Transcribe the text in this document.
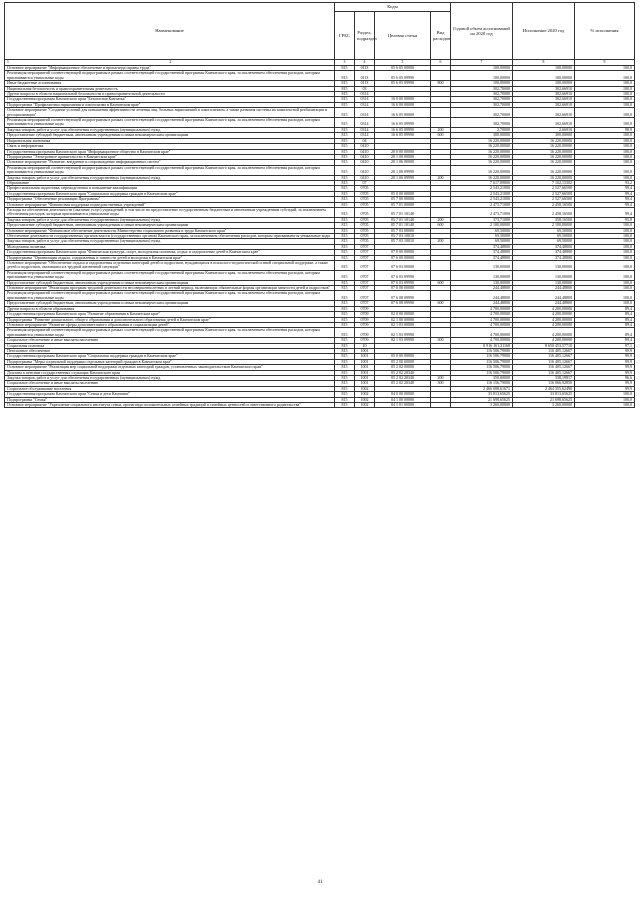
Наименование	Коды				Годовой объем ассигнований на 2020 год	Исполнение 2020 год	% исполнения
	ГРБС	Раздел, подраздел	Целевая статья	Вид расходов			

1 2	3	4	5	6	7	8	9
Основное мероприятие "Информационное обеспечение и пропаганда охраны труда"	815	0113	05 6 05 00000		100,00000	100,00000	100,0
Реализация мероприятий соответствующей подпрограммы в рамках соответствующей государственной программы Камчатского края, за исключением обеспечения расходов, которым присваиваются уникальные коды	815	0113	05 6 05 09990		100,00000	100,00000	100,0
Иные бюджетные ассигнования	815	0113	05 6 05 09990	800	100,00000	100,00000	100,0
Национальная безопасность и правоохранительная деятельность	815	03			302,70000	302,66910	100,0
Другие вопросы в области национальной безопасности и правоохранительной деятельности	815	0314			302,70000	302,66910	100,0
Государственная программа Камчатского края "Безопасная Камчатка"	815	0314	16 0 00 00000		302,70000	302,66910	100,0
Подпрограмма "Профилактика наркомании и алкоголизма в Камчатском крае"	815	0314	16 6 00 00000		302,70000	302,66910	100,0
Основное мероприятие "Создание условий для повышения эффективности лечения лиц, больных наркоманией и алкоголизмом, а также развития системы их комплексной реабилитации и ресоциализации"	815	0314	16 6 05 00000		302,70000	302,66910	100,0
Реализация мероприятий соответствующей подпрограммы в рамках соответствующей государственной программы Камчатского края, за исключением обеспечения расходов, которым присваиваются уникальные коды	815	0314	16 6 05 09990		302,70000	302,66910	100,0
Закупка товаров, работ и услуг для обеспечения государственных (муниципальных) нужд	815	0314	16 6 05 09990	200	2,70000	2,66910	98,9
Предоставление субсидий бюджетным, автономным учреждениям и иным некоммерческим организациям	815	0314	16 6 05 09990	600	300,00000	300,00000	100,0
Национальная экономика	815	04			16 220,00000	16 220,00000	100,0
Связь и информатика	815	0410			16 220,00000	16 220,00000	100,0
Государственная программа Камчатского края "Информационное общество в Камчатском крае"	815	0410	20 0 00 00000		16 220,00000	16 220,00000	100,0
Подпрограмма "Электронное правительство в Камчатском крае"	815	0410	20 1 00 00000		16 220,00000	16 220,00000	100,0
Основное мероприятие "Развитие, внедрение и сопровождение информационных систем"	815	0410	20 1 06 00000		16 220,00000	16 220,00000	100,0
Реализация мероприятий соответствующей подпрограммы в рамках соответствующей государственной программы Камчатского края, за исключением обеспечения расходов, которым присваиваются уникальные коды	815	0410	20 1 06 09990		16 220,00000	16 220,00000	100,0
Закупка товаров, работ и услуг для обеспечения государственных (муниципальных) нужд	815	0410	20 1 06 09990	200	16 220,00000	16 220,00000	100,0
Образование	815	07			7 617,89800	7 102,15302	93,2
Профессиональная подготовка, переподготовка и повышение квалификации	815	0705			2 543,21000	2 527,66500	99,4
Государственная программа Камчатского края "Социальная поддержка граждан в Камчатском крае"	815	0705	05 0 00 00000		2 543,21000	2 527,66500	99,4
Подпрограмма "Обеспечение реализации Программы"	815	0705	05 7 00 00000		2 543,21000	2 527,66500	99,4
Основное мероприятие "Финансовая поддержка подведомственных учреждений"	815	0705	05 7 01 00000		2 473,71000	2 458,16500	99,4
Расходы на обеспечение деятельности (оказание услуг) учреждений, в том числе на предоставление государственным бюджетным и автономным учреждениям субсидий, за исключением обеспечения расходов, которым присваиваются уникальные коды	815	0705	05 7 01 10140		2 473,71000	2 458,16500	99,4
Закупка товаров, работ и услуг для обеспечения государственных (муниципальных) нужд	815	0705	05 7 01 10140	200	373,71000	358,16500	95,8
Предоставление субсидий бюджетным, автономным учреждениям и иным некоммерческим организациям	815	0705	05 7 01 10140	600	2 100,00000	2 100,00000	100,0
Основное мероприятие "Финансовое обеспечение деятельности Министерства социального развития и труда Камчатского края"	815	0705	05 7 03 00000		69,50000	69,50000	100,0
Обеспечение деятельности государственных органов власти (государственных органов) Камчатского края, за исключением обеспечения расходов, которым присваиваются уникальные коды	815	0705	05 7 03 10010		69,50000	69,50000	100,0
Закупка товаров, работ и услуг для обеспечения государственных (муниципальных) нужд	815	0705	05 7 03 10010	200	69,50000	69,50000	100,0
Молодежная политика	815	0707			374,48800	374,48800	100,0
Государственная программа Камчатского края "Физическая культура, спорт, молодежная политика, отдых и оздоровление детей в Камчатском крае"	815	0707	07 0 00 00000		374,48800	374,48800	100,0
Подпрограмма "Организация отдыха, оздоровления и занятости детей и молодежи в Камчатском крае"	815	0707	07 6 00 00000		374,48800	374,48800	100,0
Основное мероприятие "Обеспечение отдыха и оздоровления отдельных категорий детей и подростков, нуждающихся в психолого-педагогической и иной специальной поддержке, а также детей и подростков, оказавшихся в трудной жизненной ситуации"	815	0707	07 6 03 00000		130,00000	130,00000	100,0
Реализация мероприятий соответствующей подпрограммы в рамках соответствующей государственной программы Камчатского края, за исключением обеспечения расходов, которым присваиваются уникальные коды	815	0707	07 6 03 09990		130,00000	130,00000	100,0
Предоставление субсидий бюджетным, автономным учреждениям и иным некоммерческим организациям	815	0707	07 6 03 09990	600	130,00000	130,00000	100,0
Основное мероприятие "Реализация программ трудовой деятельности несовершеннолетних в летний период, включающих обязательные формы организации занятости детей и подростков"	815	0707	07 6 08 00000		244,48800	244,48800	100,0
Реализация мероприятий соответствующей подпрограммы в рамках соответствующей государственной программы Камчатского края, за исключением обеспечения расходов, которым присваиваются уникальные коды	815	0707	07 6 08 09990		244,48800	244,48800	100,0
Предоставление субсидий бюджетным, автономным учреждениям и иным некоммерческим организациям	815	0707	07 6 08 09990	600	244,48800	244,48800	100,0
Другие вопросы в области образования	815	0709			4 700,00000	4 200,00000	89,4
Государственная программа Камчатского края "Развитие образования в Камчатском крае"	815	0709	02 0 00 00000		4 700,00000	4 200,00000	89,4
Подпрограмма "Развитие дошкольного, общего образования и дополнительного образования детей в Камчатском крае"	815	0709	02 1 00 00000		4 700,00000	4 200,00000	89,4
Основное мероприятие "Развитие сферы дополнительного образования и социализации детей"	815	0709	02 1 03 00000		4 700,00000	4 200,00000	89,4
Реализация мероприятий соответствующей подпрограммы в рамках соответствующей государственной программы Камчатского края, за исключением обеспечения расходов, которым присваиваются уникальные коды	815	0709	02 1 03 09990		4 700,00000	4 200,00000	89,4
Социальное обеспечение и иные выплаты населению	815	0709	02 1 03 09990	300	4 700,00000	4 200,00000	89,4
Социальная политика	815	10			8 916 161,21168	8 650 453,57710	97,1
Пенсионное обеспечение	815	1001			116 506,79000	116 405,12667	99,9
Государственная программа Камчатского края "Социальная поддержка граждан в Камчатском крае"	815	1001	05 0 00 00000		116 506,79000	116 405,12667	99,9
Подпрограмма "Меры социальной поддержки отдельных категорий граждан в Камчатском крае"	815	1001	05 2 00 00000		116 506,79000	116 405,12667	99,9
Основное мероприятие "Реализация мер социальной поддержки отдельных категорий граждан, установленных законодательством Камчатского края"	815	1001	05 2 02 00000		116 506,79000	116 405,12667	99,9
Доплаты к пенсиям государственных служащих Камчатского края	815	1001	05 2 02 20340		116 506,79000	116 405,12667	99,9
Закупка товаров, работ и услуг для обеспечения государственных (муниципальных) нужд	815	1001	05 2 02 20340	200	350,00000	338,19817	96,6
Социальное обеспечение и иные выплаты населению	815	1001	05 2 02 20340	300	116 156,79000	116 066,92850	99,9
Социальное обслуживание населения	815	1002			2 466 008,61671	2 464 355,62490	99,9
Государственная программа Камчатского края "Семья и дети Камчатки"	815	1002	04 0 00 00000		33 813,65625	33 813,65625	100,0
Подпрограмма "Семья"	815	1002	04 1 00 00000		21 698,65625	21 698,65625	100,0
Основное мероприятие "Укрепление социального института семьи, пропаганда положительных семейных традиций и семейных ценностей и ответственного родительства"	815	1002	04 1 01 00000		3 260,00000	3 260,00000	100,0
41
